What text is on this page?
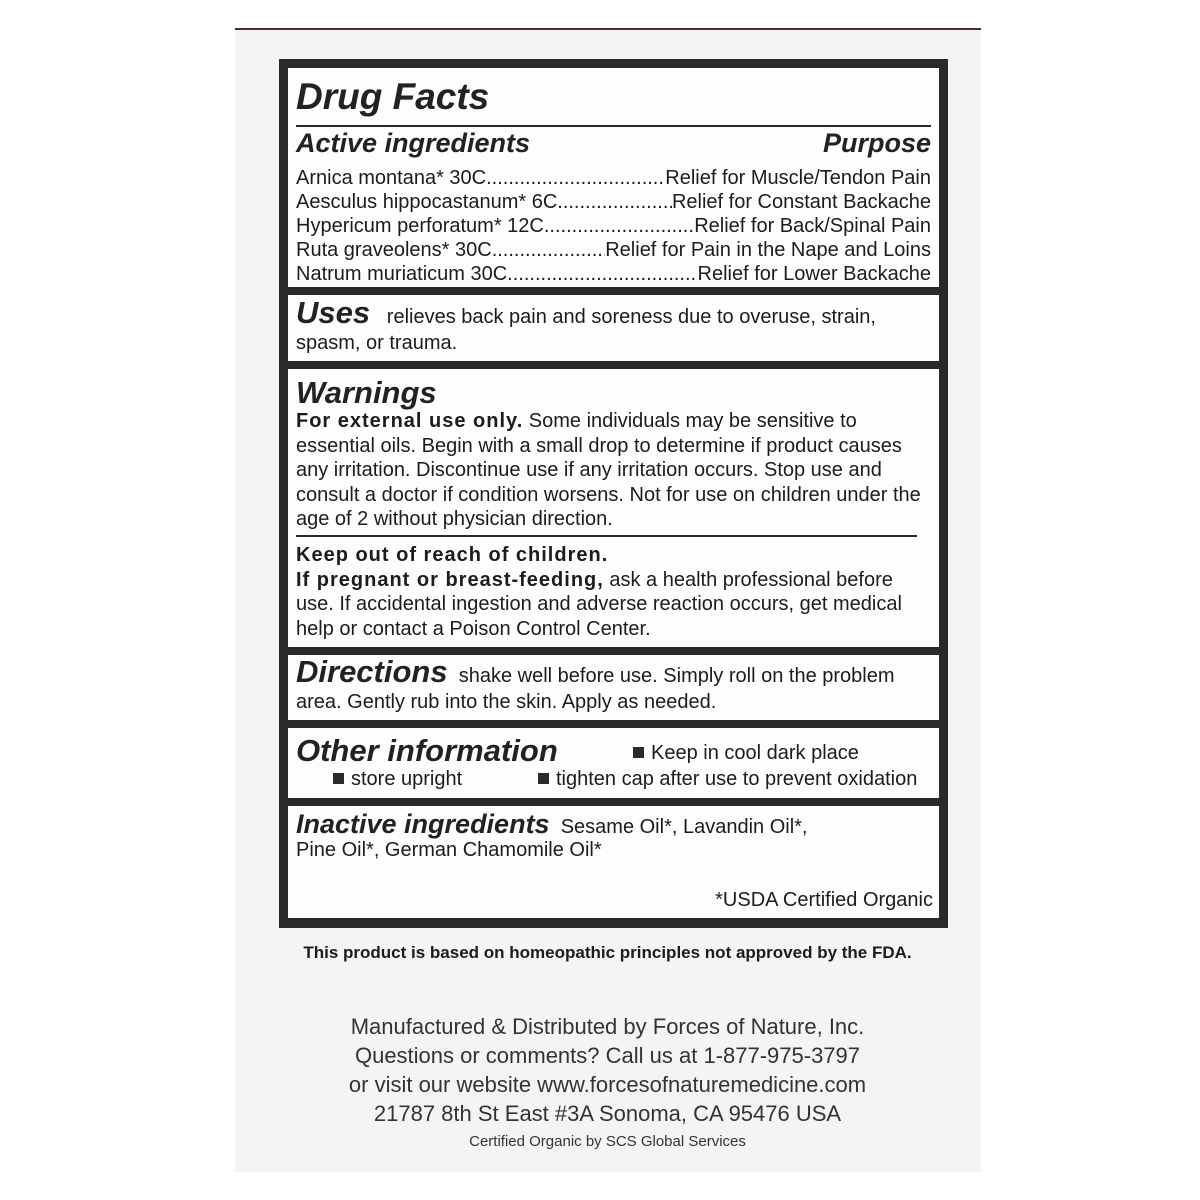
Drug Facts
Active ingredients	Purpose
Arnica montana* 30C .....	Relief for Muscle/Tendon Pain
Aesculus hippocastanum* 6C .....	Relief for Constant Backache
Hypericum perforatum* 12C .....	Relief for Back/Spinal Pain
Ruta graveolens* 30C .....	Relief for Pain in the Nape and Loins
Natrum muriaticum 30C .....	Relief for Lower Backache
Uses relieves back pain and soreness due to overuse, strain,
spasm, or trauma.
Warnings
For external use only. Some individuals may be sensitive to
essential oils. Begin with a small drop to determine if product causes
any irritation. Discontinue use if any irritation occurs. Stop use and
consult a doctor if condition worsens. Not for use on children under the
age of 2 without physician direction.
Keep out of reach of children.
If pregnant or breast-feeding, ask a health professional before
use. If accidental ingestion and adverse reaction occurs, get medical
help or contact a Poison Control Center.
Directions shake well before use. Simply roll on the problem
area. Gently rub into the skin. Apply as needed.
Other information	Keep in cool dark place
store upright	tighten cap after use to prevent oxidation
Inactive ingredients Sesame Oil*, Lavandin Oil*,
Pine Oil*, German Chamomile Oil*
*USDA Certified Organic
This product is based on homeopathic principles not approved by the FDA.
Manufactured & Distributed by Forces of Nature, Inc.
Questions or comments? Call us at 1-877-975-3797
or visit our website www.forcesofnaturemedicine.com
21787 8th St East #3A Sonoma, CA 95476 USA
Certified Organic by SCS Global Services
